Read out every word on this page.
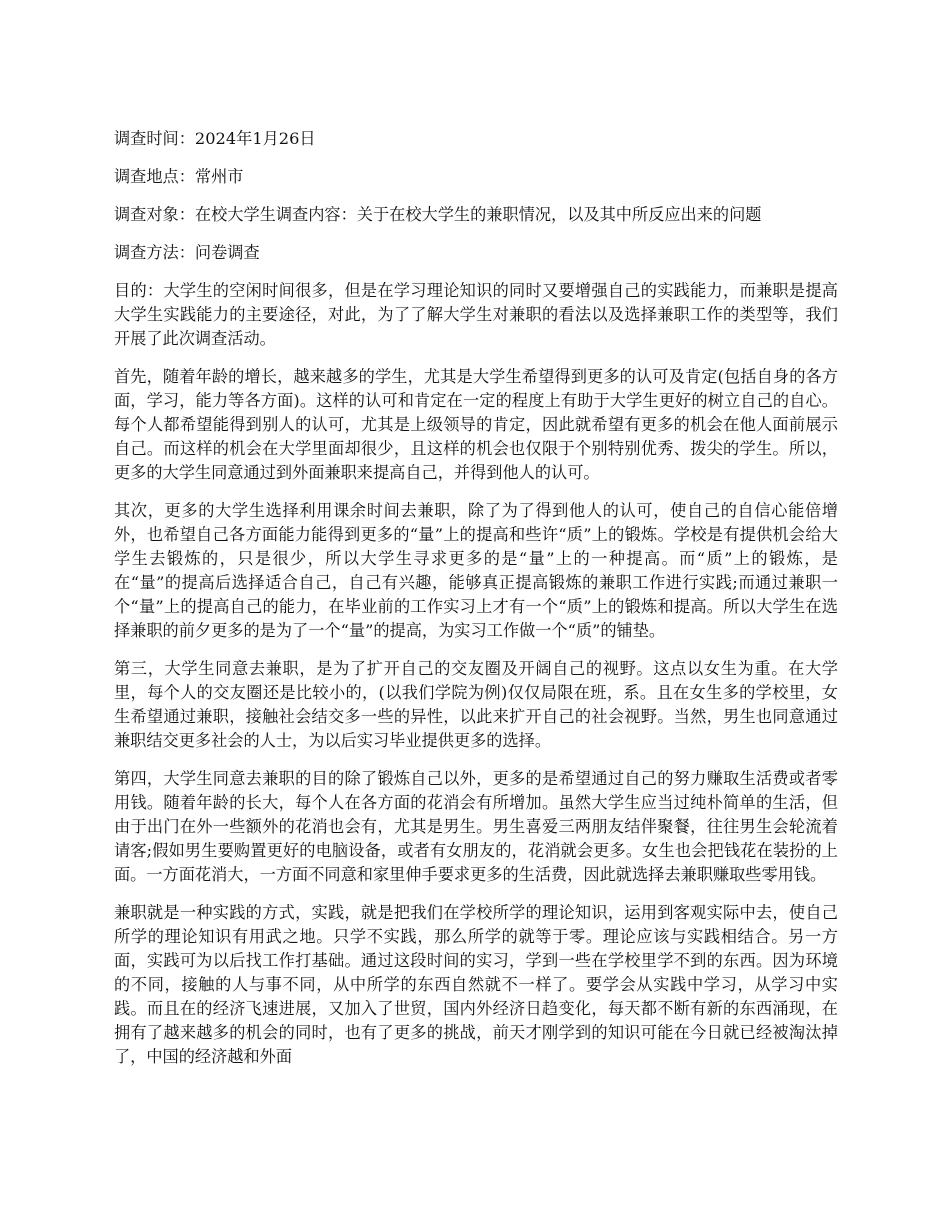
调查时间：2024年1月26日

调查地点：常州市

调查对象：在校大学生调查内容：关于在校大学生的兼职情况，以及其中所反应出来的问题

调查方法：问卷调查

目的：大学生的空闲时间很多，但是在学习理论知识的同时又要增强自己的实践能力，而兼职是提高大学生实践能力的主要途径，对此，为了了解大学生对兼职的看法以及选择兼职工作的类型等，我们开展了此次调查活动。

首先，随着年龄的增长，越来越多的学生，尤其是大学生希望得到更多的认可及肯定(包括自身的各方面，学习，能力等各方面)。这样的认可和肯定在一定的程度上有助于大学生更好的树立自己的自心。每个人都希望能得到别人的认可，尤其是上级领导的肯定，因此就希望有更多的机会在他人面前展示自己。而这样的机会在大学里面却很少，且这样的机会也仅限于个别特别优秀、拨尖的学生。所以，更多的大学生同意通过到外面兼职来提高自己，并得到他人的认可。

其次，更多的大学生选择利用课余时间去兼职，除了为了得到他人的认可，使自己的自信心能倍增外，也希望自己各方面能力能得到更多的“量”上的提高和些许“质”上的锻炼。学校是有提供机会给大学生去锻炼的，只是很少，所以大学生寻求更多的是“量”上的一种提高。而“质”上的锻炼，是在“量”的提高后选择适合自己，自己有兴趣，能够真正提高锻炼的兼职工作进行实践;而通过兼职一个“量”上的提高自己的能力，在毕业前的工作实习上才有一个“质”上的锻炼和提高。所以大学生在选择兼职的前夕更多的是为了一个“量”的提高，为实习工作做一个“质”的铺垫。

第三，大学生同意去兼职，是为了扩开自己的交友圈及开阔自己的视野。这点以女生为重。在大学里，每个人的交友圈还是比较小的，(以我们学院为例)仅仅局限在班，系。且在女生多的学校里，女生希望通过兼职，接触社会结交多一些的异性，以此来扩开自己的社会视野。当然，男生也同意通过兼职结交更多社会的人士，为以后实习毕业提供更多的选择。

第四，大学生同意去兼职的目的除了锻炼自己以外，更多的是希望通过自己的努力赚取生活费或者零用钱。随着年龄的长大，每个人在各方面的花消会有所增加。虽然大学生应当过纯朴简单的生活，但由于出门在外一些额外的花消也会有，尤其是男生。男生喜爱三两朋友结伴聚餐，往往男生会轮流着请客;假如男生要购置更好的电脑设备，或者有女朋友的，花消就会更多。女生也会把钱花在装扮的上面。一方面花消大，一方面不同意和家里伸手要求更多的生活费，因此就选择去兼职赚取些零用钱。

兼职就是一种实践的方式，实践，就是把我们在学校所学的理论知识，运用到客观实际中去，使自己所学的理论知识有用武之地。只学不实践，那么所学的就等于零。理论应该与实践相结合。另一方面，实践可为以后找工作打基础。通过这段时间的实习，学到一些在学校里学不到的东西。因为环境的不同，接触的人与事不同，从中所学的东西自然就不一样了。要学会从实践中学习，从学习中实践。而且在的经济飞速进展，又加入了世贸，国内外经济日趋变化，每天都不断有新的东西涌现，在拥有了越来越多的机会的同时，也有了更多的挑战，前天才刚学到的知识可能在今日就已经被淘汰掉了，中国的经济越和外面
